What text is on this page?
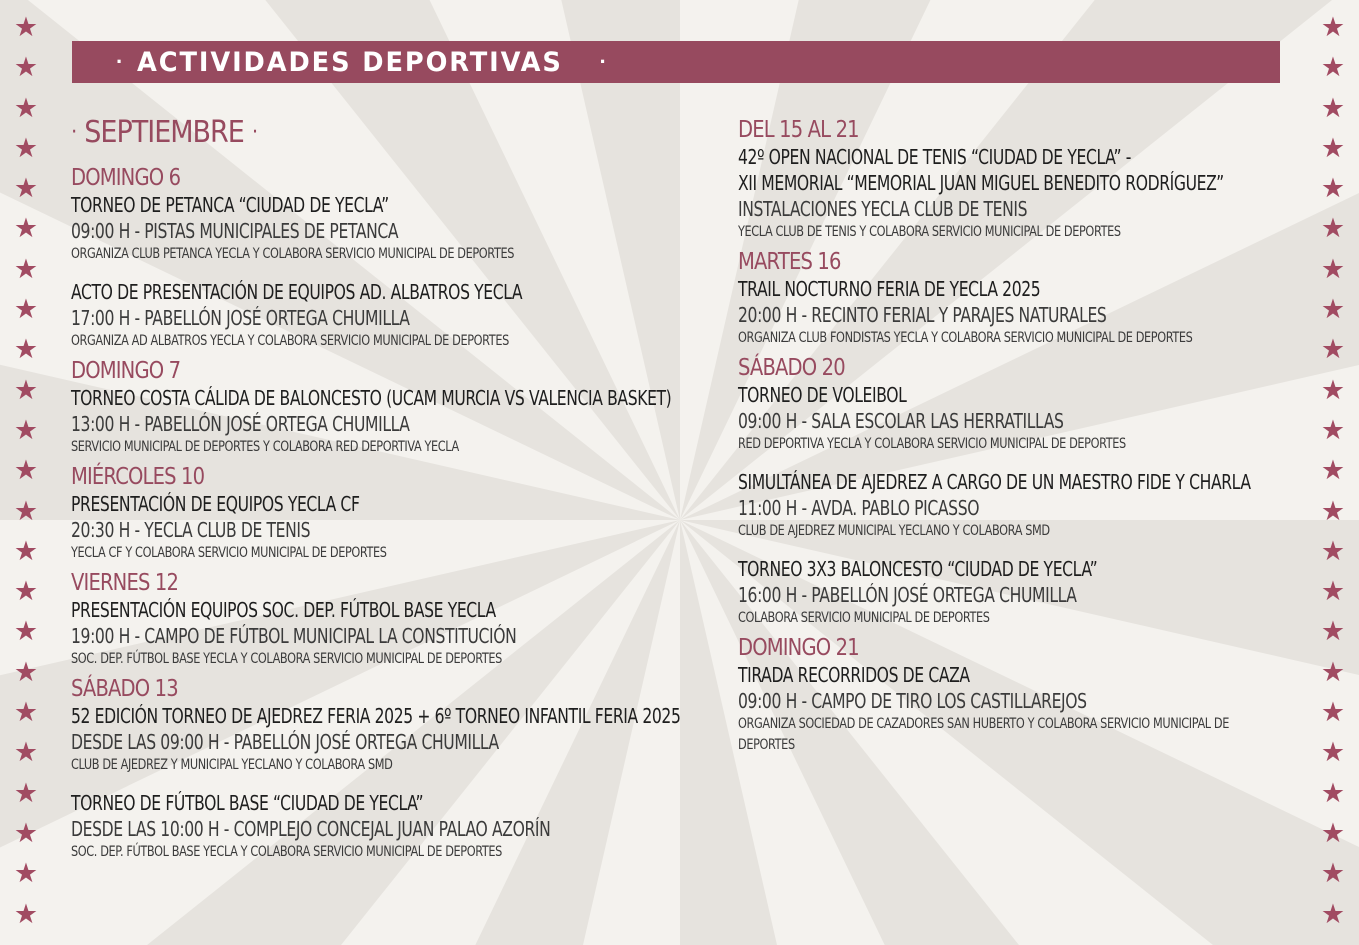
★
★
★
★
★
★
★
★
★
★
★
★
★
★
★
★
★
★
★
★
★
★
★
★
★
★
★
★
★
★
★
★
★
★
★
★
★
★
★
★
★
★
★
★
★
★
· ACTIVIDADES DEPORTIVAS ·
· SEPTIEMBRE ·
DOMINGO 6
TORNEO DE PETANCA “CIUDAD DE YECLA”
09:00 H - PISTAS MUNICIPALES DE PETANCA
ORGANIZA CLUB PETANCA YECLA Y COLABORA SERVICIO MUNICIPAL DE DEPORTES
ACTO DE PRESENTACIÓN DE EQUIPOS AD. ALBATROS YECLA
17:00 H - PABELLÓN JOSÉ ORTEGA CHUMILLA
ORGANIZA AD ALBATROS YECLA Y COLABORA SERVICIO MUNICIPAL DE DEPORTES
DOMINGO 7
TORNEO COSTA CÁLIDA DE BALONCESTO (UCAM MURCIA VS VALENCIA BASKET)
13:00 H - PABELLÓN JOSÉ ORTEGA CHUMILLA
SERVICIO MUNICIPAL DE DEPORTES Y COLABORA RED DEPORTIVA YECLA
MIÉRCOLES 10
PRESENTACIÓN DE EQUIPOS YECLA CF
20:30 H - YECLA CLUB DE TENIS
YECLA CF Y COLABORA SERVICIO MUNICIPAL DE DEPORTES
VIERNES 12
PRESENTACIÓN EQUIPOS SOC. DEP. FÚTBOL BASE YECLA
19:00 H - CAMPO DE FÚTBOL MUNICIPAL LA CONSTITUCIÓN
SOC. DEP. FÚTBOL BASE YECLA Y COLABORA SERVICIO MUNICIPAL DE DEPORTES
SÁBADO 13
52 EDICIÓN TORNEO DE AJEDREZ FERIA 2025 + 6º TORNEO INFANTIL FERIA 2025
DESDE LAS 09:00 H - PABELLÓN JOSÉ ORTEGA CHUMILLA
CLUB DE AJEDREZ Y MUNICIPAL YECLANO Y COLABORA SMD
TORNEO DE FÚTBOL BASE “CIUDAD DE YECLA”
DESDE LAS 10:00 H - COMPLEJO CONCEJAL JUAN PALAO AZORÍN
SOC. DEP. FÚTBOL BASE YECLA Y COLABORA SERVICIO MUNICIPAL DE DEPORTES
DEL 15 AL 21
42º OPEN NACIONAL DE TENIS “CIUDAD DE YECLA” -
XII MEMORIAL “MEMORIAL JUAN MIGUEL BENEDITO RODRÍGUEZ”
INSTALACIONES YECLA CLUB DE TENIS
YECLA CLUB DE TENIS Y COLABORA SERVICIO MUNICIPAL DE DEPORTES
MARTES 16
TRAIL NOCTURNO FERIA DE YECLA 2025
20:00 H - RECINTO FERIAL Y PARAJES NATURALES
ORGANIZA CLUB FONDISTAS YECLA Y COLABORA SERVICIO MUNICIPAL DE DEPORTES
SÁBADO 20
TORNEO DE VOLEIBOL
09:00 H - SALA ESCOLAR LAS HERRATILLAS
RED DEPORTIVA YECLA Y COLABORA SERVICIO MUNICIPAL DE DEPORTES
SIMULTÁNEA DE AJEDREZ A CARGO DE UN MAESTRO FIDE Y CHARLA
11:00 H - AVDA. PABLO PICASSO
CLUB DE AJEDREZ MUNICIPAL YECLANO Y COLABORA SMD
TORNEO 3X3 BALONCESTO “CIUDAD DE YECLA”
16:00 H - PABELLÓN JOSÉ ORTEGA CHUMILLA
COLABORA SERVICIO MUNICIPAL DE DEPORTES
DOMINGO 21
TIRADA RECORRIDOS DE CAZA
09:00 H - CAMPO DE TIRO LOS CASTILLAREJOS
ORGANIZA SOCIEDAD DE CAZADORES SAN HUBERTO Y COLABORA SERVICIO MUNICIPAL DE DEPORTES
